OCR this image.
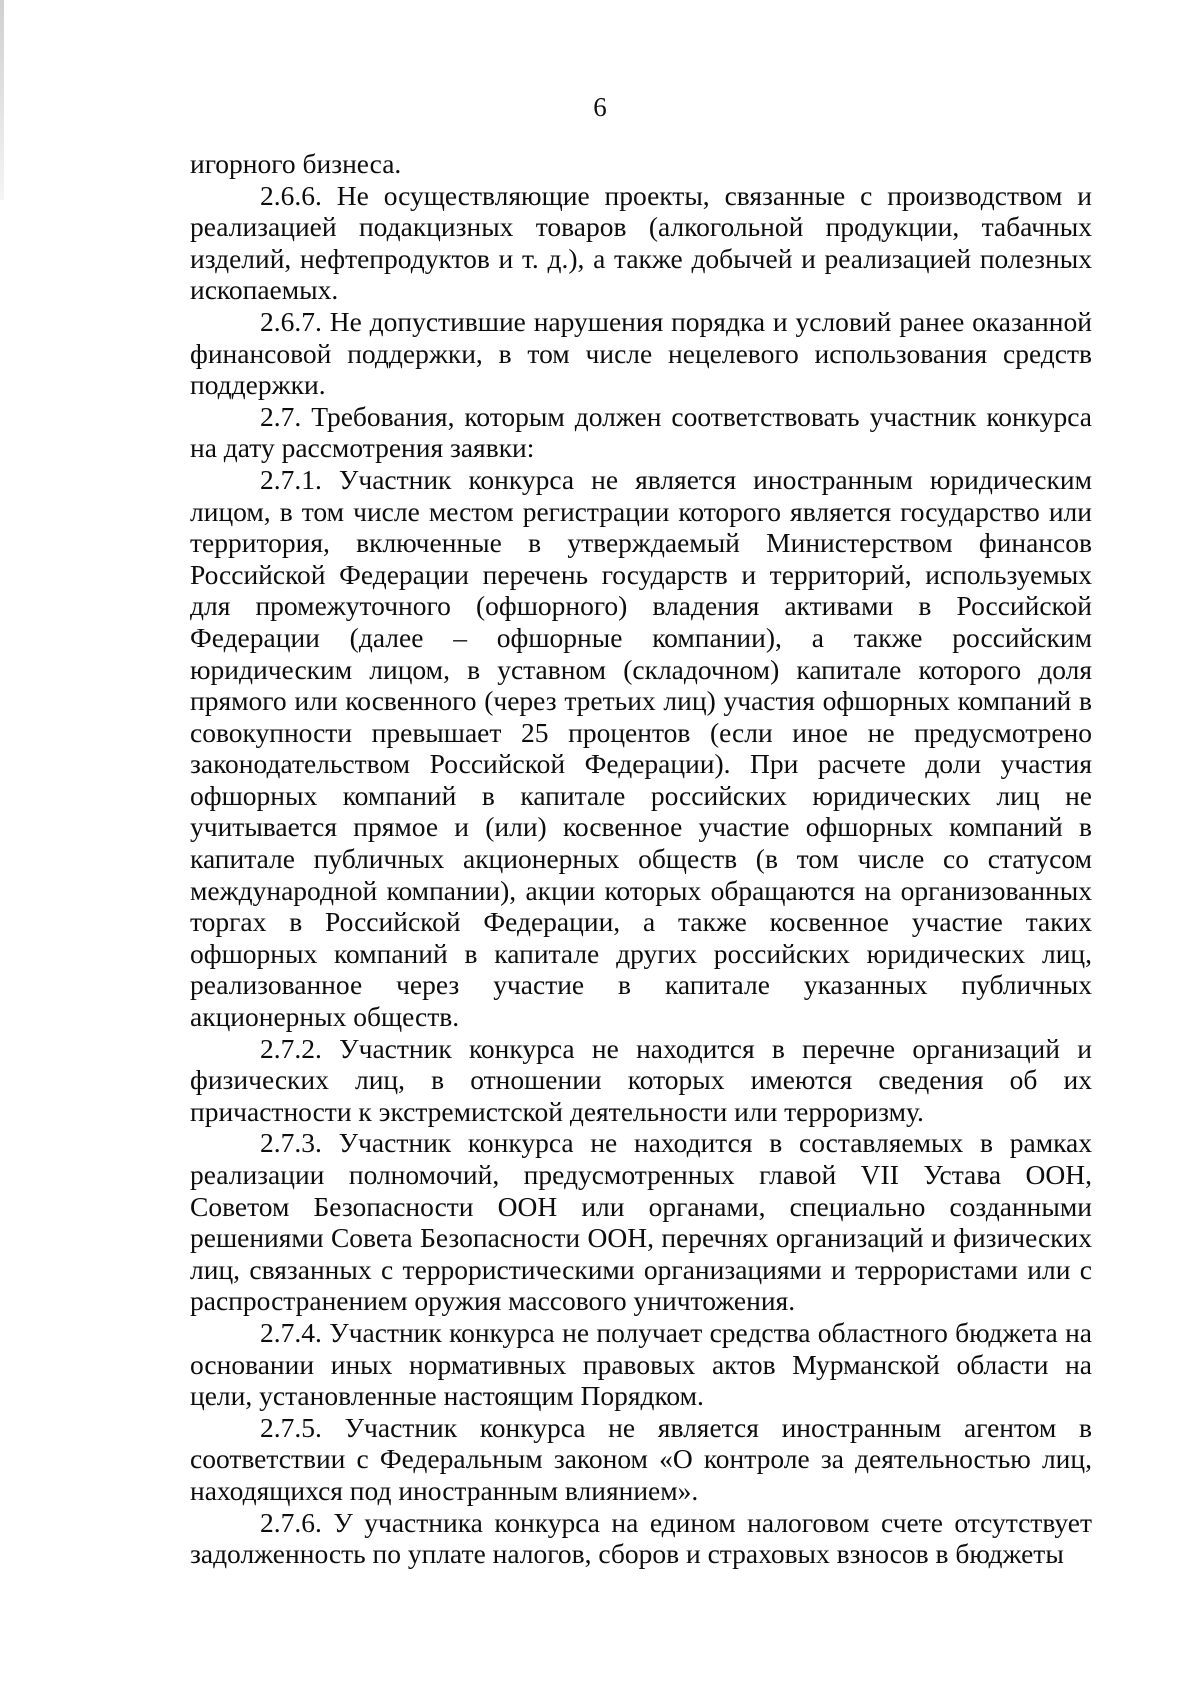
6

игорного бизнеса.

2.6.6. Не осуществляющие проекты, связанные с производством и реализацией подакцизных товаров (алкогольной продукции, табачных изделий, нефтепродуктов и т. д.), а также добычей и реализацией полезных ископаемых.

2.6.7. Не допустившие нарушения порядка и условий ранее оказанной финансовой поддержки, в том числе нецелевого использования средств поддержки.

2.7. Требования, которым должен соответствовать участник конкурса на дату рассмотрения заявки:

2.7.1. Участник конкурса не является иностранным юридическим лицом, в том числе местом регистрации которого является государство или территория, включенные в утверждаемый Министерством финансов Российской Федерации перечень государств и территорий, используемых для промежуточного (офшорного) владения активами в Российской Федерации (далее – офшорные компании), а также российским юридическим лицом, в уставном (складочном) капитале которого доля прямого или косвенного (через третьих лиц) участия офшорных компаний в совокупности превышает 25 процентов (если иное не предусмотрено законодательством Российской Федерации). При расчете доли участия офшорных компаний в капитале российских юридических лиц не учитывается прямое и (или) косвенное участие офшорных компаний в капитале публичных акционерных обществ (в том числе со статусом международной компании), акции которых обращаются на организованных торгах в Российской Федерации, а также косвенное участие таких офшорных компаний в капитале других российских юридических лиц, реализованное через участие в капитале указанных публичных акционерных обществ.

2.7.2. Участник конкурса не находится в перечне организаций и физических лиц, в отношении которых имеются сведения об их причастности к экстремистской деятельности или терроризму.

2.7.3. Участник конкурса не находится в составляемых в рамках реализации полномочий, предусмотренных главой VII Устава ООН, Советом Безопасности ООН или органами, специально созданными решениями Совета Безопасности ООН, перечнях организаций и физических лиц, связанных с террористическими организациями и террористами или с распространением оружия массового уничтожения.

2.7.4. Участник конкурса не получает средства областного бюджета на основании иных нормативных правовых актов Мурманской области на цели, установленные настоящим Порядком.

2.7.5. Участник конкурса не является иностранным агентом в соответствии с Федеральным законом «О контроле за деятельностью лиц, находящихся под иностранным влиянием».

2.7.6. У участника конкурса на едином налоговом счете отсутствует задолженность по уплате налогов, сборов и страховых взносов в бюджеты
